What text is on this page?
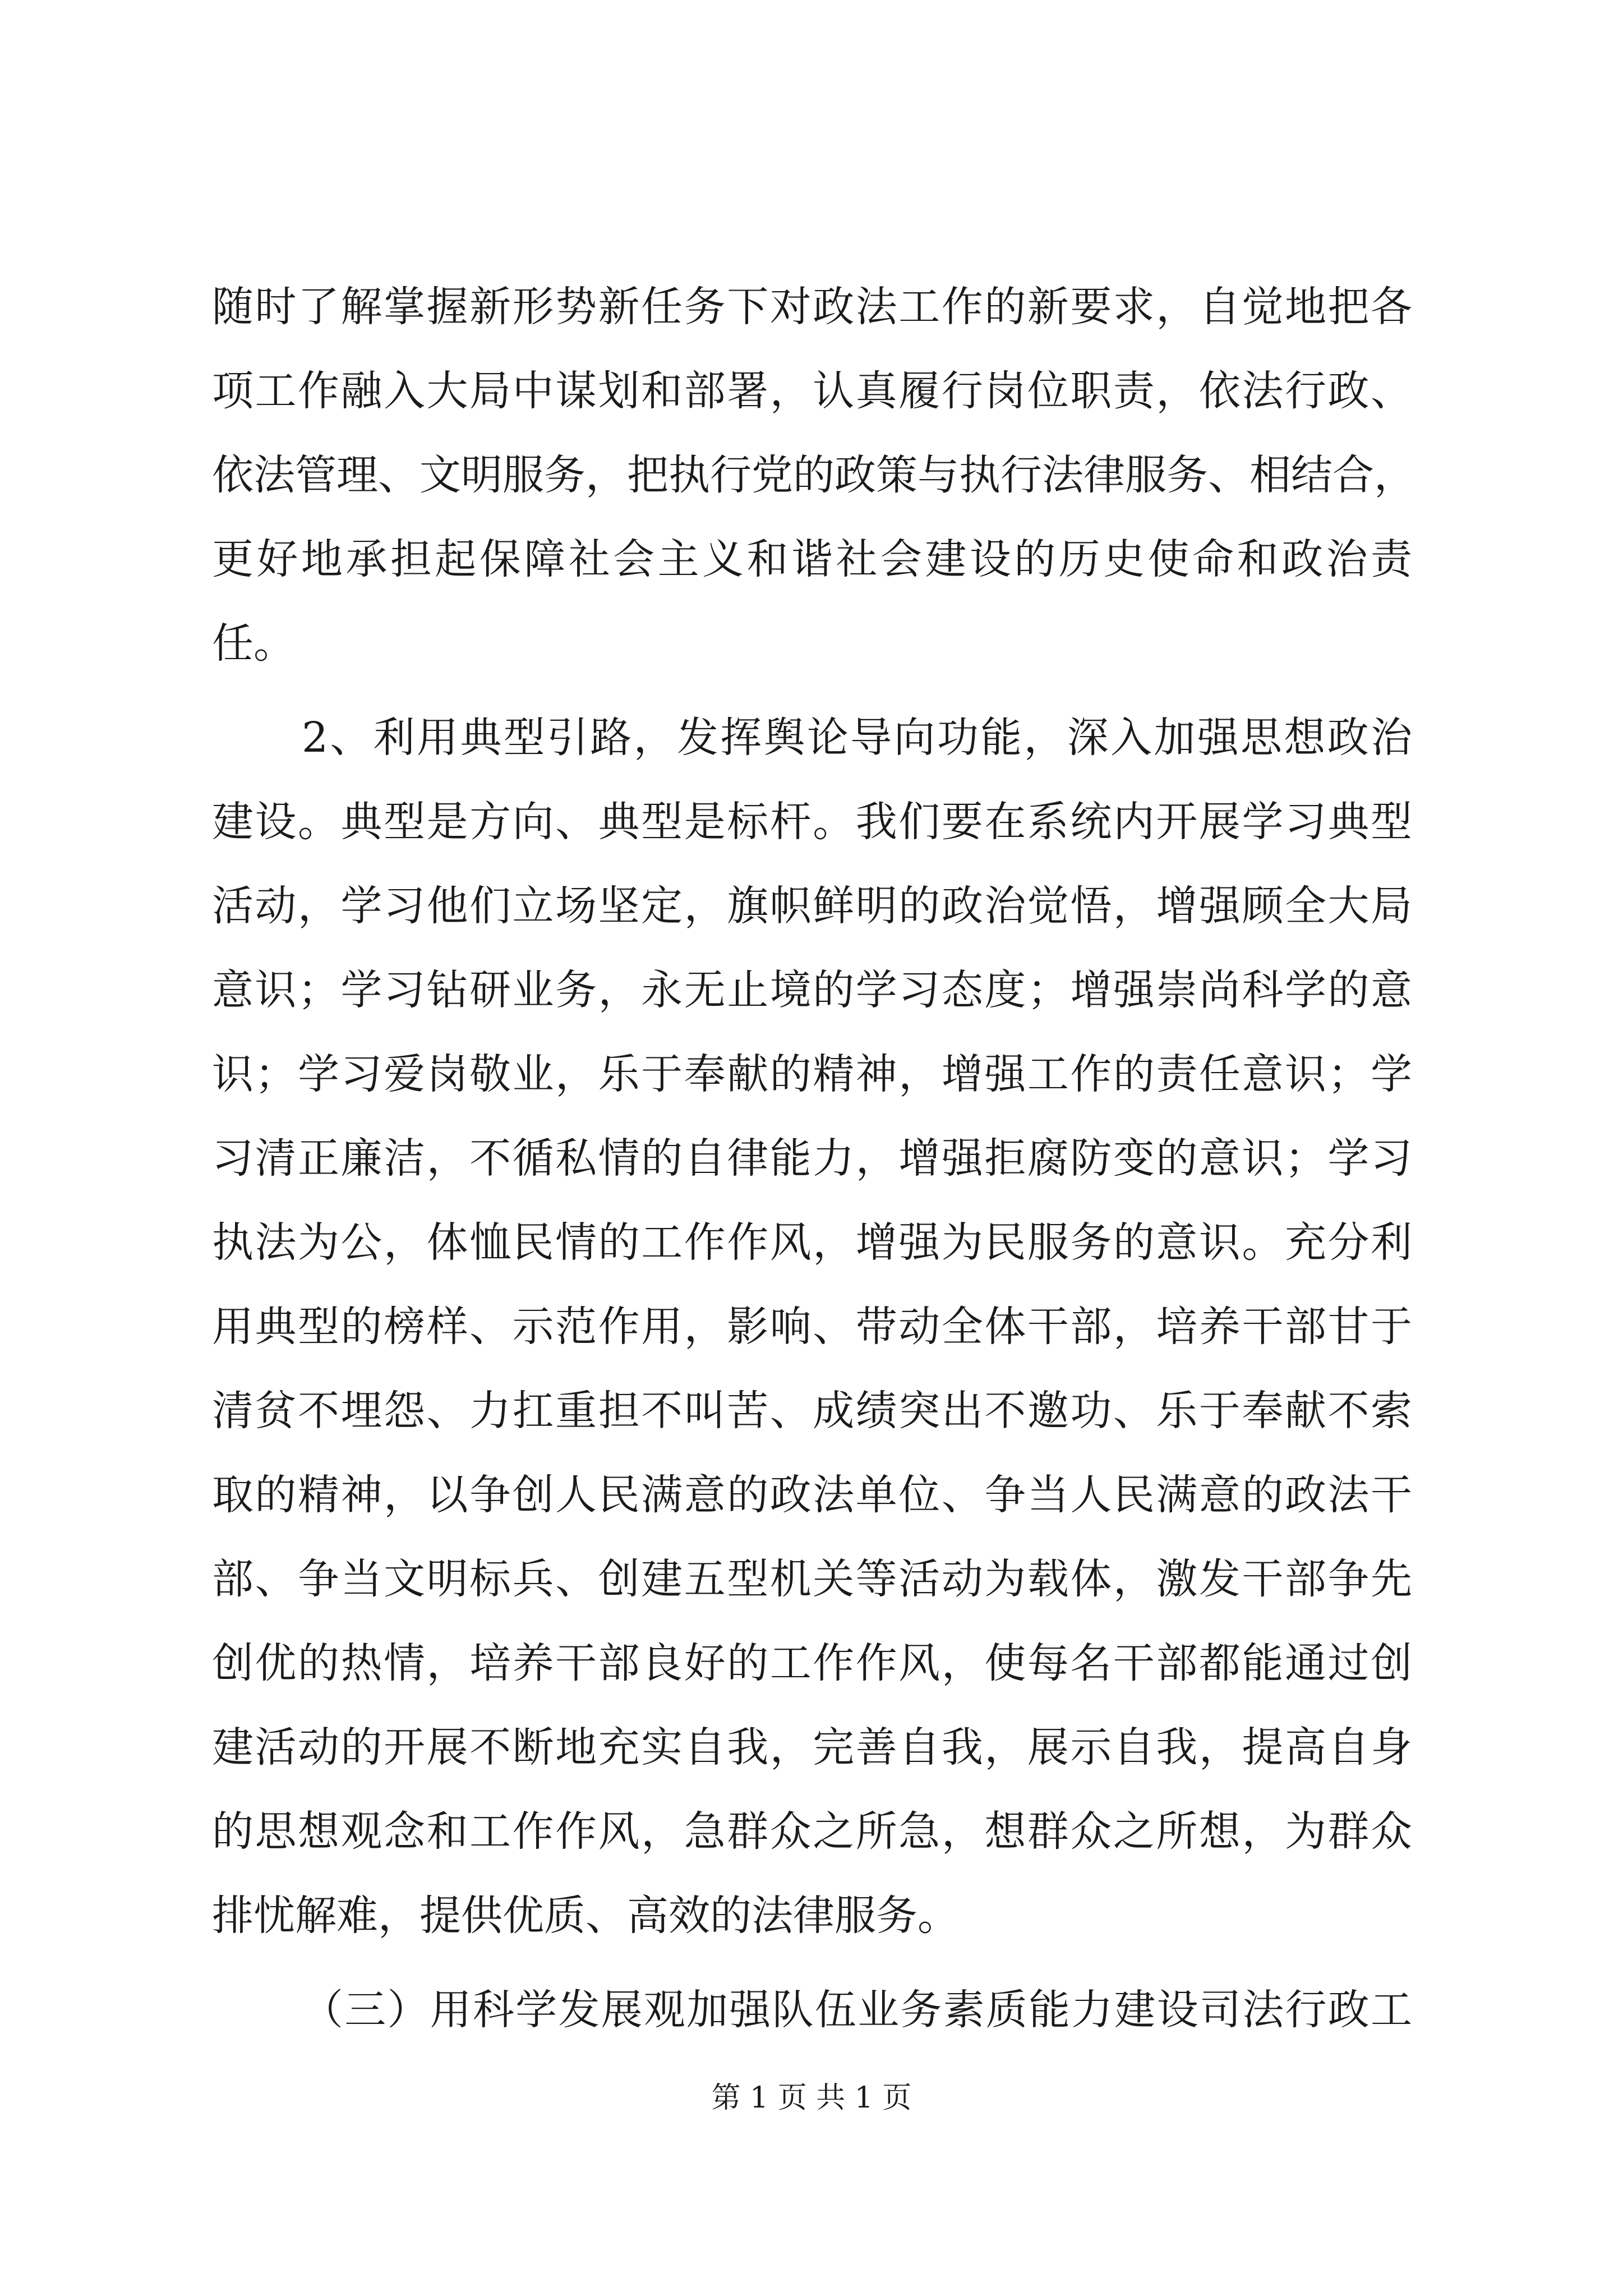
随时了解掌握新形势新任务下对政法工作的新要求，自觉地把各
项工作融入大局中谋划和部署，认真履行岗位职责，依法行政、
依法管理、文明服务，把执行党的政策与执行法律服务、相结合，
更好地承担起保障社会主义和谐社会建设的历史使命和政治责
任。
2、利用典型引路，发挥舆论导向功能，深入加强思想政治
建设。典型是方向、典型是标杆。我们要在系统内开展学习典型
活动，学习他们立场坚定，旗帜鲜明的政治觉悟，增强顾全大局
意识；学习钻研业务，永无止境的学习态度；增强崇尚科学的意
识；学习爱岗敬业，乐于奉献的精神，增强工作的责任意识；学
习清正廉洁，不循私情的自律能力，增强拒腐防变的意识；学习
执法为公，体恤民情的工作作风，增强为民服务的意识。充分利
用典型的榜样、示范作用，影响、带动全体干部，培养干部甘于
清贫不埋怨、力扛重担不叫苦、成绩突出不邀功、乐于奉献不索
取的精神，以争创人民满意的政法单位、争当人民满意的政法干
部、争当文明标兵、创建五型机关等活动为载体，激发干部争先
创优的热情，培养干部良好的工作作风，使每名干部都能通过创
建活动的开展不断地充实自我，完善自我，展示自我，提高自身
的思想观念和工作作风，急群众之所急，想群众之所想，为群众
排忧解难，提供优质、高效的法律服务。
（三）用科学发展观加强队伍业务素质能力建设司法行政工
第 1 页 共 1 页
